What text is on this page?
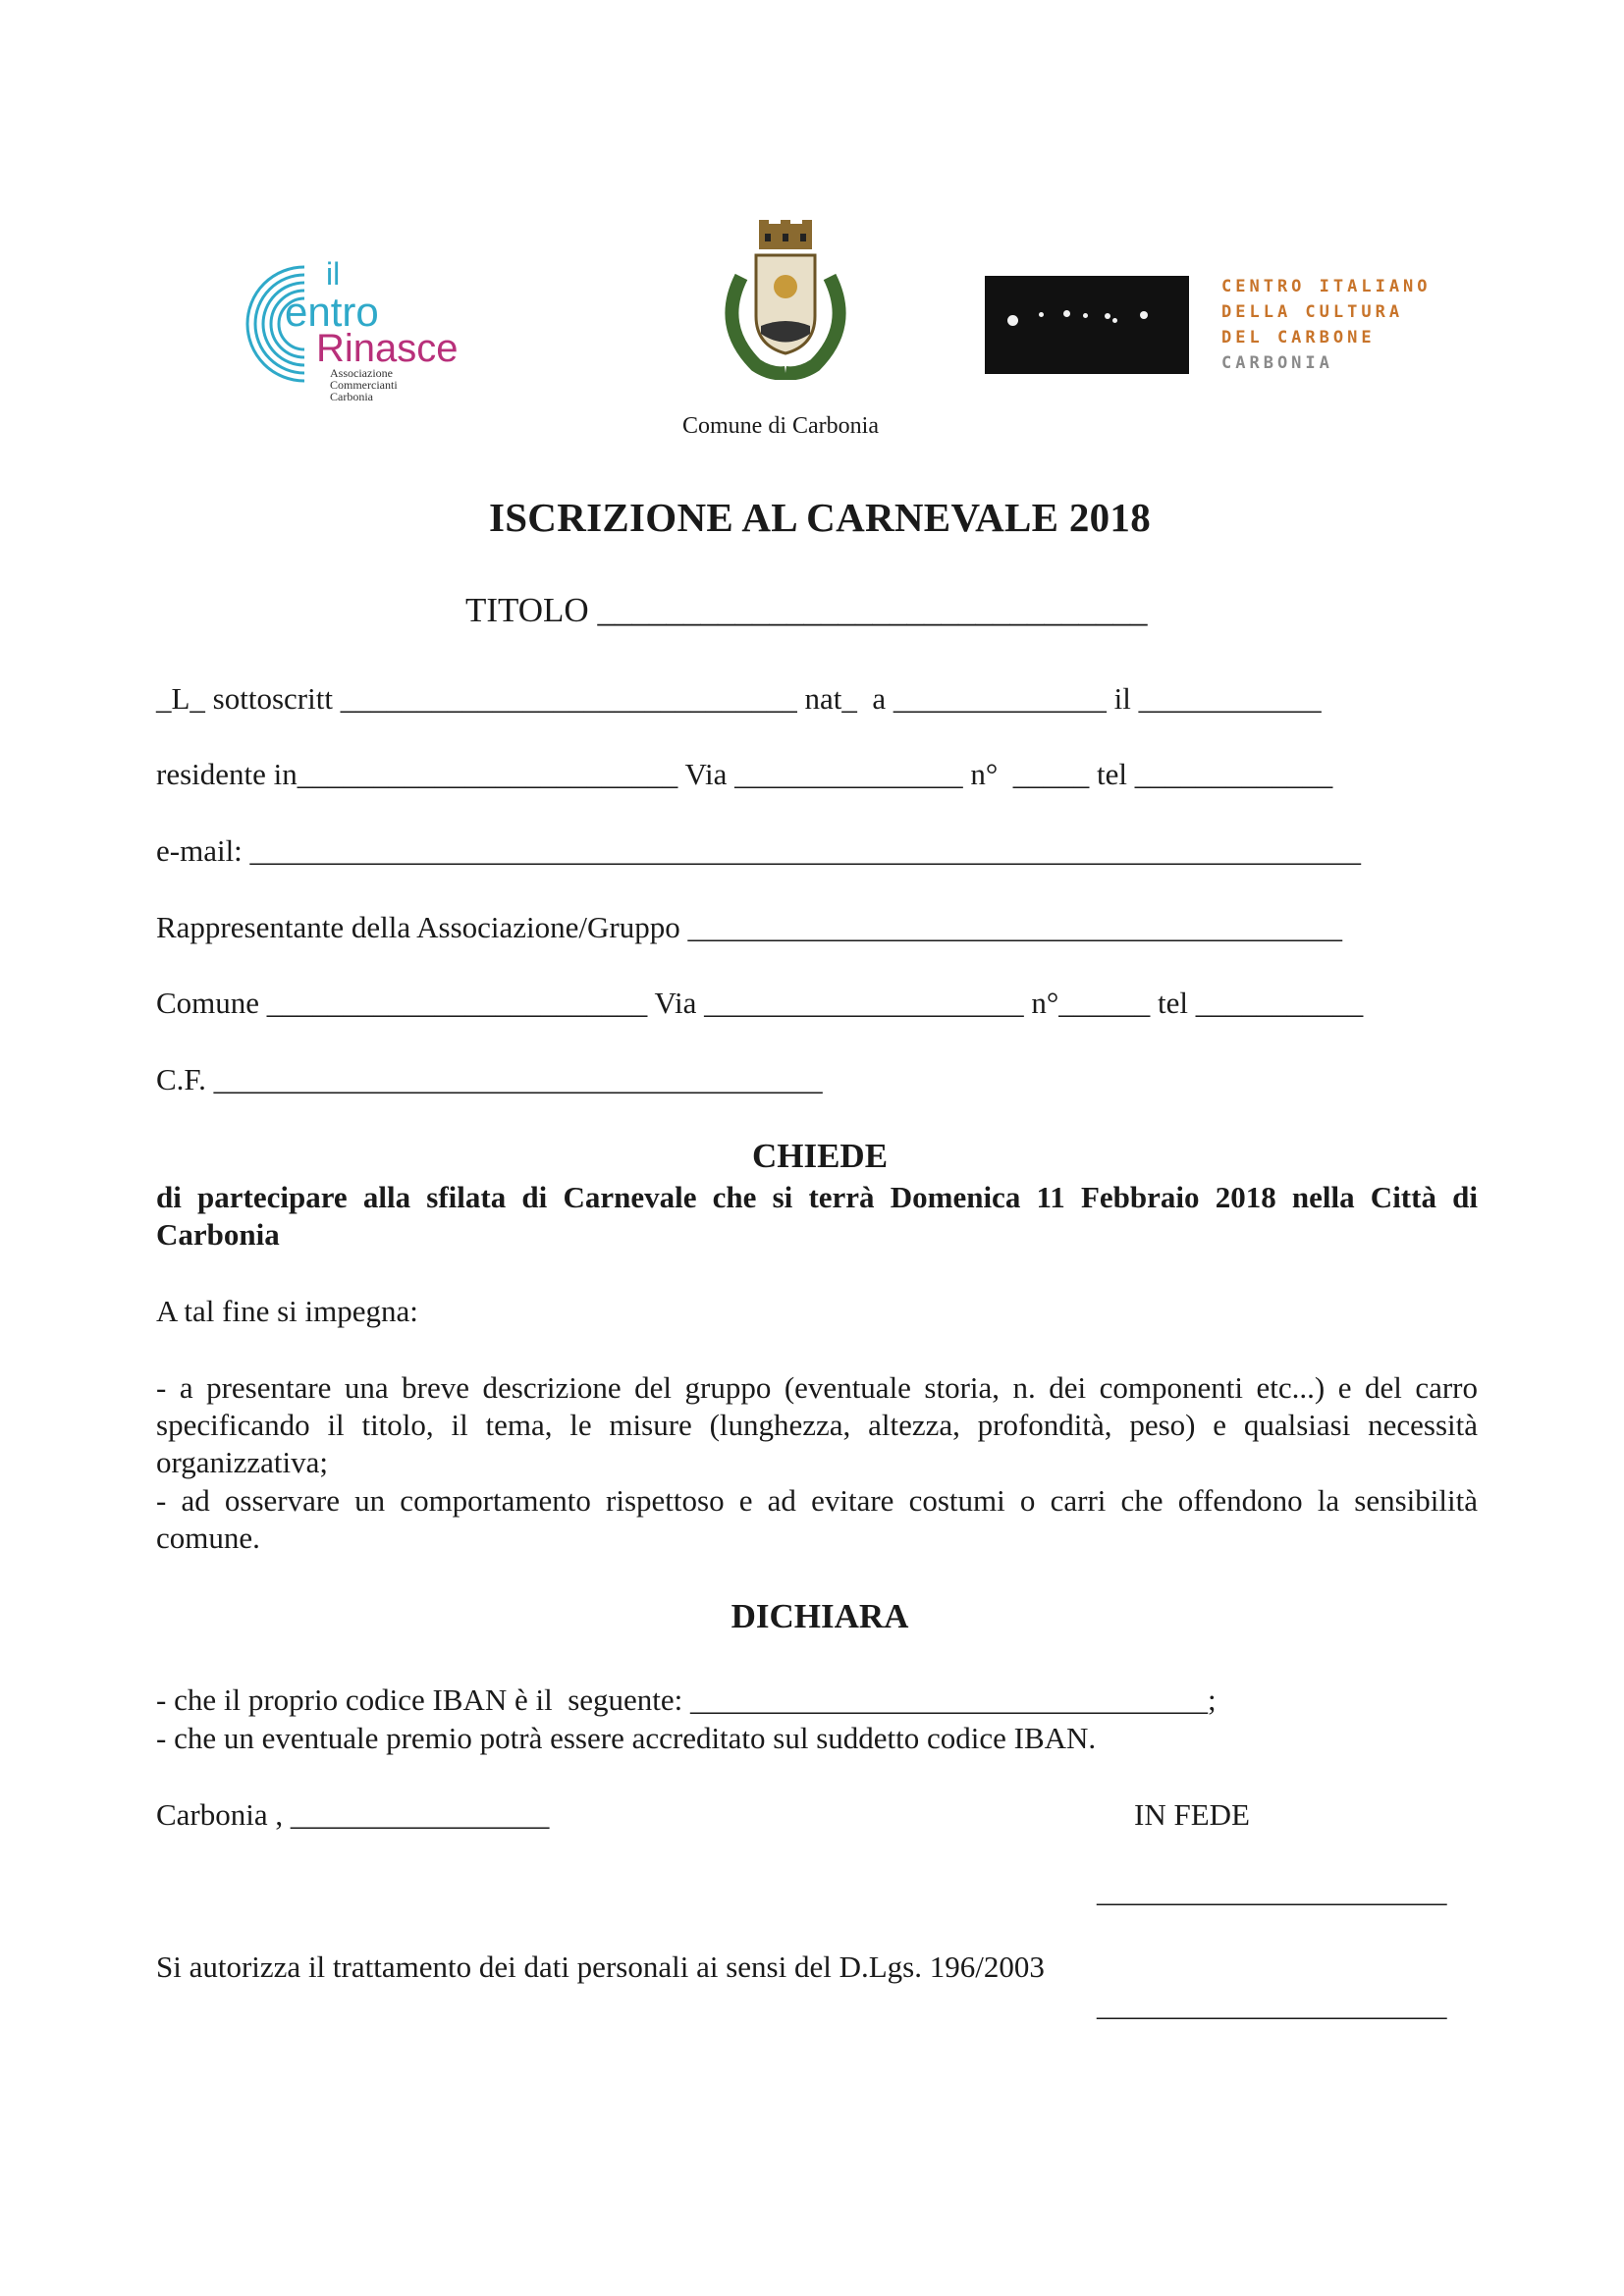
il
entro
Rinasce
Associazione
Commercianti
Carbonia
Comune di Carbonia
CENTRO ITALIANO
DELLA CULTURA
DEL CARBONE
CARBONIA
ISCRIZIONE AL CARNEVALE 2018
TITOLO ________________________________
_L_ sottoscritt ______________________________ nat_  a ______________ il ____________
residente in_________________________ Via _______________ n°  _____ tel _____________
e-mail: _________________________________________________________________________
Rappresentante della Associazione/Gruppo ___________________________________________
Comune _________________________ Via _____________________ n°______ tel ___________
C.F. ________________________________________
CHIEDE
di partecipare alla sfilata di Carnevale che si terrà Domenica 11 Febbraio 2018 nella Città di Carbonia
A tal fine si impegna:
- a presentare una breve descrizione del gruppo (eventuale storia, n. dei componenti etc...) e del carro specificando il titolo, il tema, le misure (lunghezza, altezza, profondità, peso) e qualsiasi necessità organizzativa;
- ad osservare un comportamento rispettoso e ad evitare costumi o carri che offendono la sensibilità comune.
DICHIARA
- che il proprio codice IBAN è il  seguente: __________________________________;
- che un eventuale premio potrà essere accreditato sul suddetto codice IBAN.
Carbonia , _________________	IN FEDE
_______________________
Si autorizza il trattamento dei dati personali ai sensi del D.Lgs. 196/2003
_______________________
